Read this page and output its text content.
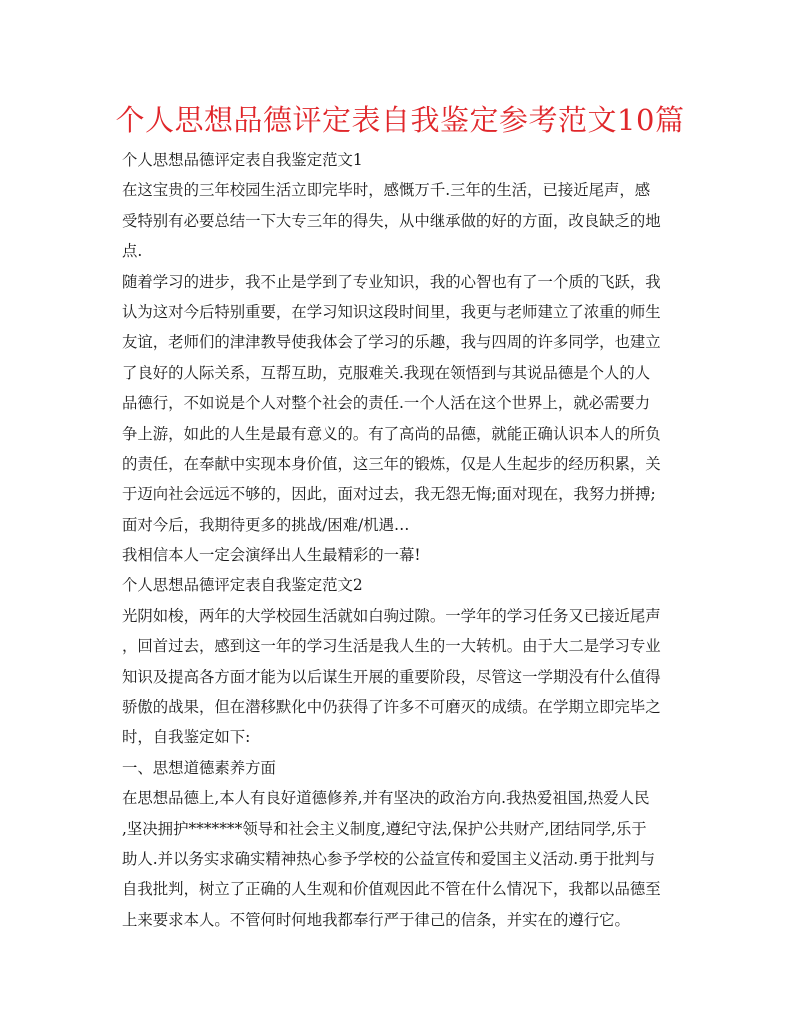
个人思想品德评定表自我鉴定参考范文10篇
个人思想品德评定表自我鉴定范文1
在这宝贵的三年校园生活立即完毕时，感慨万千.三年的生活，已接近尾声，感
受特别有必要总结一下大专三年的得失，从中继承做的好的方面，改良缺乏的地
点.
随着学习的进步，我不止是学到了专业知识，我的心智也有了一个质的飞跃，我
认为这对今后特别重要，在学习知识这段时间里，我更与老师建立了浓重的师生
友谊，老师们的津津教导使我体会了学习的乐趣，我与四周的许多同学，也建立
了良好的人际关系，互帮互助，克服难关.我现在领悟到与其说品德是个人的人
品德行，不如说是个人对整个社会的责任.一个人活在这个世界上，就必需要力
争上游，如此的人生是最有意义的。有了高尚的品德，就能正确认识本人的所负
的责任，在奉献中实现本身价值，这三年的锻炼，仅是人生起步的经历积累，关
于迈向社会远远不够的，因此，面对过去，我无怨无悔;面对现在，我努力拼搏;
面对今后，我期待更多的挑战/困难/机遇…
我相信本人一定会演绎出人生最精彩的一幕!
个人思想品德评定表自我鉴定范文2
光阴如梭，两年的大学校园生活就如白驹过隙。一学年的学习任务又已接近尾声
，回首过去，感到这一年的学习生活是我人生的一大转机。由于大二是学习专业
知识及提高各方面才能为以后谋生开展的重要阶段，尽管这一学期没有什么值得
骄傲的战果，但在潜移默化中仍获得了许多不可磨灭的成绩。在学期立即完毕之
时，自我鉴定如下:
一、思想道德素养方面
在思想品德上,本人有良好道德修养,并有坚决的政治方向.我热爱祖国,热爱人民
,坚决拥护*******领导和社会主义制度,遵纪守法,保护公共财产,团结同学,乐于
助人.并以务实求确实精神热心参予学校的公益宣传和爱国主义活动.勇于批判与
自我批判，树立了正确的人生观和价值观因此不管在什么情况下，我都以品德至
上来要求本人。不管何时何地我都奉行严于律己的信条，并实在的遵行它。
